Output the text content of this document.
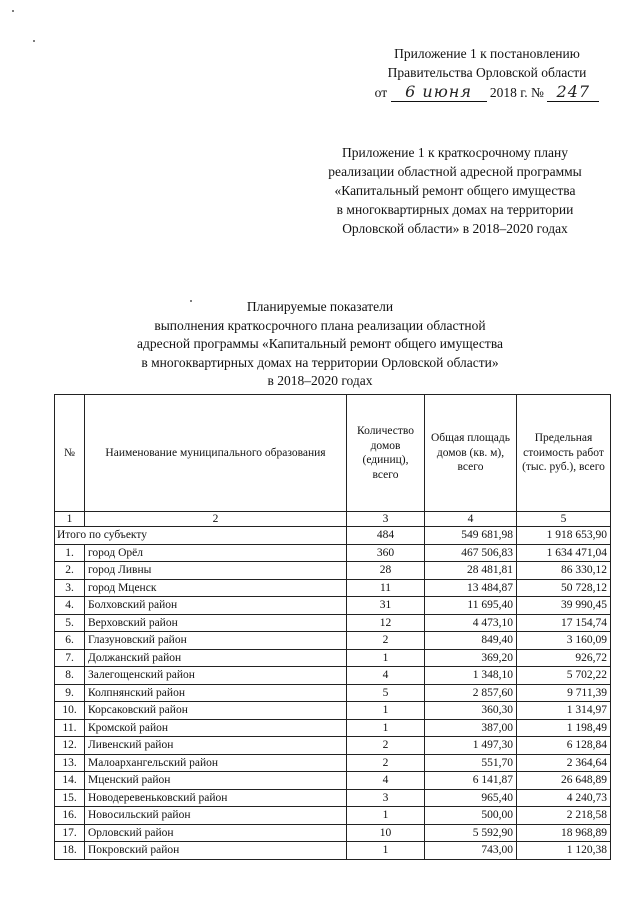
Приложение 1 к постановлению
Правительства Орловской области
от 6 июня 2018 г. № 247
Приложение 1 к краткосрочному плану
реализации областной адресной программы
«Капитальный ремонт общего имущества
в многоквартирных домах на территории
Орловской области» в 2018–2020 годах
Планируемые показатели
выполнения краткосрочного плана реализации областной
адресной программы «Капитальный ремонт общего имущества
в многоквартирных домах на территории Орловской области»
в 2018–2020 годах
№	Наименование муниципального образования	Количество домов (единиц), всего	Общая площадь домов (кв. м), всего	Предельная стоимость работ (тыс. руб.), всего
1	2	3	4	5
Итого по субъекту		484	549 681,98	1 918 653,90
1.	город Орёл	360	467 506,83	1 634 471,04
2.	город Ливны	28	28 481,81	86 330,12
3.	город Мценск	11	13 484,87	50 728,12
4.	Болховский район	31	11 695,40	39 990,45
5.	Верховский район	12	4 473,10	17 154,74
6.	Глазуновский район	2	849,40	3 160,09
7.	Должанский район	1	369,20	926,72
8.	Залегощенский район	4	1 348,10	5 702,22
9.	Колпнянский район	5	2 857,60	9 711,39
10.	Корсаковский район	1	360,30	1 314,97
11.	Кромской район	1	387,00	1 198,49
12.	Ливенский район	2	1 497,30	6 128,84
13.	Малоархангельский район	2	551,70	2 364,64
14.	Мценский район	4	6 141,87	26 648,89
15.	Новодеревеньковский район	3	965,40	4 240,73
16.	Новосильский район	1	500,00	2 218,58
17.	Орловский район	10	5 592,90	18 968,89
18.	Покровский район	1	743,00	1 120,38
